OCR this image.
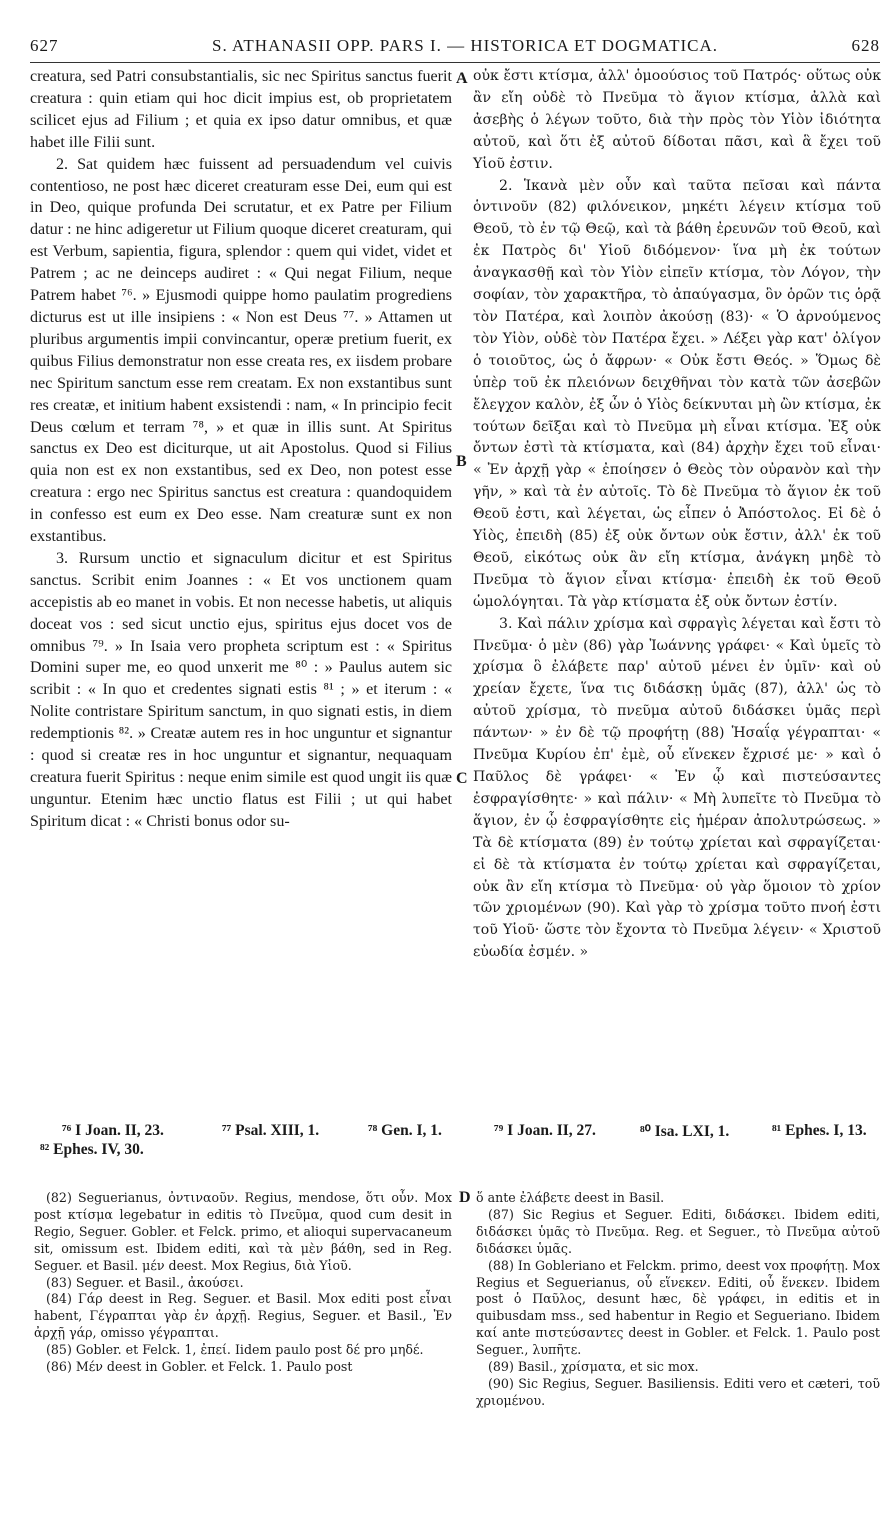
627	S. ATHANASII OPP. PARS I. — HISTORICA ET DOGMATICA.	628
A
B
C
D

creatura, sed Patri consubstantialis, sic nec Spiritus sanctus fuerit creatura : quin etiam qui hoc dicit impius est, ob proprietatem scilicet ejus ad Filium ; et quia ex ipso datur omnibus, et quæ habet ille Filii sunt.

2. Sat quidem hæc fuissent ad persuadendum vel cuivis contentioso, ne post hæc diceret creaturam esse Dei, eum qui est in Deo, quique profunda Dei scrutatur, et ex Patre per Filium datur : ne hinc adigeretur ut Filium quoque diceret creaturam, qui est Verbum, sapientia, figura, splendor : quem qui videt, videt et Patrem ; ac ne deinceps audiret : « Qui negat Filium, neque Patrem habet ⁷⁶. » Ejusmodi quippe homo paulatim progrediens dicturus est ut ille insipiens : « Non est Deus ⁷⁷. » Attamen ut pluribus argumentis impii convincantur, operæ pretium fuerit, ex quibus Filius demonstratur non esse creata res, ex iisdem probare nec Spiritum sanctum esse rem creatam. Ex non exstantibus sunt res creatæ, et initium habent exsistendi : nam, « In principio fecit Deus cœlum et terram ⁷⁸, » et quæ in illis sunt. At Spiritus sanctus ex Deo est diciturque, ut ait Apostolus. Quod si Filius quia non est ex non exstantibus, sed ex Deo, non potest esse creatura : ergo nec Spiritus sanctus est creatura : quandoquidem in confesso est eum ex Deo esse. Nam creaturæ sunt ex non exstantibus.

3. Rursum unctio et signaculum dicitur et est Spiritus sanctus. Scribit enim Joannes : « Et vos unctionem quam accepistis ab eo manet in vobis. Et non necesse habetis, ut aliquis doceat vos : sed sicut unctio ejus, spiritus ejus docet vos de omnibus ⁷⁹. » In Isaia vero propheta scriptum est : « Spiritus Domini super me, eo quod unxerit me ⁸⁰ : » Paulus autem sic scribit : « In quo et credentes signati estis ⁸¹ ; » et iterum : « Nolite contristare Spiritum sanctum, in quo signati estis, in diem redemptionis ⁸². » Creatæ autem res in hoc unguntur et signantur : quod si creatæ res in hoc unguntur et signantur, nequaquam creatura fuerit Spiritus : neque enim simile est quod ungit iis quæ unguntur. Etenim hæc unctio flatus est Filii ; ut qui habet Spiritum dicat : « Christi bonus odor su-

οὐκ ἔστι κτίσμα, ἀλλ' ὁμοούσιος τοῦ Πατρός· οὕτως οὐκ ἂν εἴη οὐδὲ τὸ Πνεῦμα τὸ ἅγιον κτίσμα, ἀλλὰ καὶ ἀσεβὴς ὁ λέγων τοῦτο, διὰ τὴν πρὸς τὸν Υἱὸν ἰδιότητα αὐτοῦ, καὶ ὅτι ἐξ αὐτοῦ δίδοται πᾶσι, καὶ ἃ ἔχει τοῦ Υἱοῦ ἐστιν.

2. Ἱκανὰ μὲν οὖν καὶ ταῦτα πεῖσαι καὶ πάντα ὁντινοῦν (82) φιλόνεικον, μηκέτι λέγειν κτίσμα τοῦ Θεοῦ, τὸ ἐν τῷ Θεῷ, καὶ τὰ βάθη ἐρευνῶν τοῦ Θεοῦ, καὶ ἐκ Πατρὸς δι' Υἱοῦ διδόμενον· ἵνα μὴ ἐκ τούτων ἀναγκασθῇ καὶ τὸν Υἱὸν εἰπεῖν κτίσμα, τὸν Λόγον, τὴν σοφίαν, τὸν χαρακτῆρα, τὸ ἀπαύγασμα, ὃν ὁρῶν τις ὁρᾷ τὸν Πατέρα, καὶ λοιπὸν ἀκούσῃ (83)· « Ὁ ἀρνούμενος τὸν Υἱὸν, οὐδὲ τὸν Πατέρα ἔχει. » Λέξει γὰρ κατ' ὀλίγον ὁ τοιοῦτος, ὡς ὁ ἄφρων· « Οὐκ ἔστι Θεός. » Ὅμως δὲ ὑπὲρ τοῦ ἐκ πλειόνων δειχθῆναι τὸν κατὰ τῶν ἀσεβῶν ἔλεγχον καλὸν, ἐξ ὧν ὁ Υἱὸς δείκνυται μὴ ὢν κτίσμα, ἐκ τούτων δεῖξαι καὶ τὸ Πνεῦμα μὴ εἶναι κτίσμα. Ἐξ οὐκ ὄντων ἐστὶ τὰ κτίσματα, καὶ (84) ἀρχὴν ἔχει τοῦ εἶναι· « Ἐν ἀρχῇ γὰρ « ἐποίησεν ὁ Θεὸς τὸν οὐρανὸν καὶ τὴν γῆν, » καὶ τὰ ἐν αὐτοῖς. Τὸ δὲ Πνεῦμα τὸ ἅγιον ἐκ τοῦ Θεοῦ ἐστι, καὶ λέγεται, ὡς εἶπεν ὁ Ἀπόστολος. Εἰ δὲ ὁ Υἱὸς, ἐπειδὴ (85) ἐξ οὐκ ὄντων οὐκ ἔστιν, ἀλλ' ἐκ τοῦ Θεοῦ, εἰκότως οὐκ ἂν εἴη κτίσμα, ἀνάγκη μηδὲ τὸ Πνεῦμα τὸ ἅγιον εἶναι κτίσμα· ἐπειδὴ ἐκ τοῦ Θεοῦ ὡμολόγηται. Τὰ γὰρ κτίσματα ἐξ οὐκ ὄντων ἐστίν.

3. Καὶ πάλιν χρίσμα καὶ σφραγὶς λέγεται καὶ ἔστι τὸ Πνεῦμα· ὁ μὲν (86) γὰρ Ἰωάννης γράφει· « Καὶ ὑμεῖς τὸ χρίσμα ὃ ἐλάβετε παρ' αὐτοῦ μένει ἐν ὑμῖν· καὶ οὐ χρείαν ἔχετε, ἵνα τις διδάσκῃ ὑμᾶς (87), ἀλλ' ὡς τὸ αὐτοῦ χρίσμα, τὸ πνεῦμα αὐτοῦ διδάσκει ὑμᾶς περὶ πάντων· » ἐν δὲ τῷ προφήτῃ (88) Ἡσαΐᾳ γέγραπται· « Πνεῦμα Κυρίου ἐπ' ἐμὲ, οὗ εἵνεκεν ἔχρισέ με· » καὶ ὁ Παῦλος δὲ γράφει· « Ἐν ᾧ καὶ πιστεύσαντες ἐσφραγίσθητε· » καὶ πάλιν· « Μὴ λυπεῖτε τὸ Πνεῦμα τὸ ἅγιον, ἐν ᾧ ἐσφραγίσθητε εἰς ἡμέραν ἀπολυτρώσεως. » Τὰ δὲ κτίσματα (89) ἐν τούτῳ χρίεται καὶ σφραγίζεται· εἰ δὲ τὰ κτίσματα ἐν τούτῳ χρίεται καὶ σφραγίζεται, οὐκ ἂν εἴη κτίσμα τὸ Πνεῦμα· οὐ γὰρ ὅμοιον τὸ χρίον τῶν χριομένων (90). Καὶ γὰρ τὸ χρίσμα τοῦτο πνοή ἐστι τοῦ Υἱοῦ· ὥστε τὸν ἔχοντα τὸ Πνεῦμα λέγειν· « Χριστοῦ εὐωδία ἐσμέν. »

⁷⁶ I Joan. II, 23.	⁷⁷ Psal. XIII, 1.	⁷⁸ Gen. I, 1.	⁷⁹ I Joan. II, 27.	⁸⁰ Isa. LXI, 1.	⁸¹ Ephes. I, 13.
⁸² Ephes. IV, 30.

(82) Seguerianus, ὀντιναοῦν. Regius, mendose, ὅτι οὖν. Mox post κτίσμα legebatur in editis τὸ Πνεῦμα, quod cum desit in Regio, Seguer. Gobler. et Felck. primo, et alioqui supervacaneum sit, omissum est. Ibidem editi, καὶ τὰ μὲν βάθη, sed in Reg. Seguer. et Basil. μέν deest. Mox Regius, διὰ Υἱοῦ.

(83) Seguer. et Basil., ἀκούσει.

(84) Γάρ deest in Reg. Seguer. et Basil. Mox editi post εἶναι habent, Γέγραπται γὰρ ἐν ἀρχῇ. Regius, Seguer. et Basil., Ἐν ἀρχῇ γάρ, omisso γέγραπται.

(85) Gobler. et Felck. 1, ἐπεί. Iidem paulo post δέ pro μηδέ.

(86) Μέν deest in Gobler. et Felck. 1. Paulo post

ὅ ante ἐλάβετε deest in Basil.

(87) Sic Regius et Seguer. Editi, διδάσκει. Ibidem editi, διδάσκει ὑμᾶς τὸ Πνεῦμα. Reg. et Seguer., τὸ Πνεῦμα αὐτοῦ διδάσκει ὑμᾶς.

(88) In Gobleriano et Felckm. primo, deest vox προφήτῃ. Mox Regius et Seguerianus, οὗ εἵνεκεν. Editi, οὗ ἕνεκεν. Ibidem post ὁ Παῦλος, desunt hæc, δὲ γράφει, in editis et in quibusdam mss., sed habentur in Regio et Segueriano. Ibidem καί ante πιστεύσαντες deest in Gobler. et Felck. 1. Paulo post Seguer., λυπῆτε.

(89) Basil., χρίσματα, et sic mox.

(90) Sic Regius, Seguer. Basiliensis. Editi vero et cæteri, τοῦ χριομένου.
